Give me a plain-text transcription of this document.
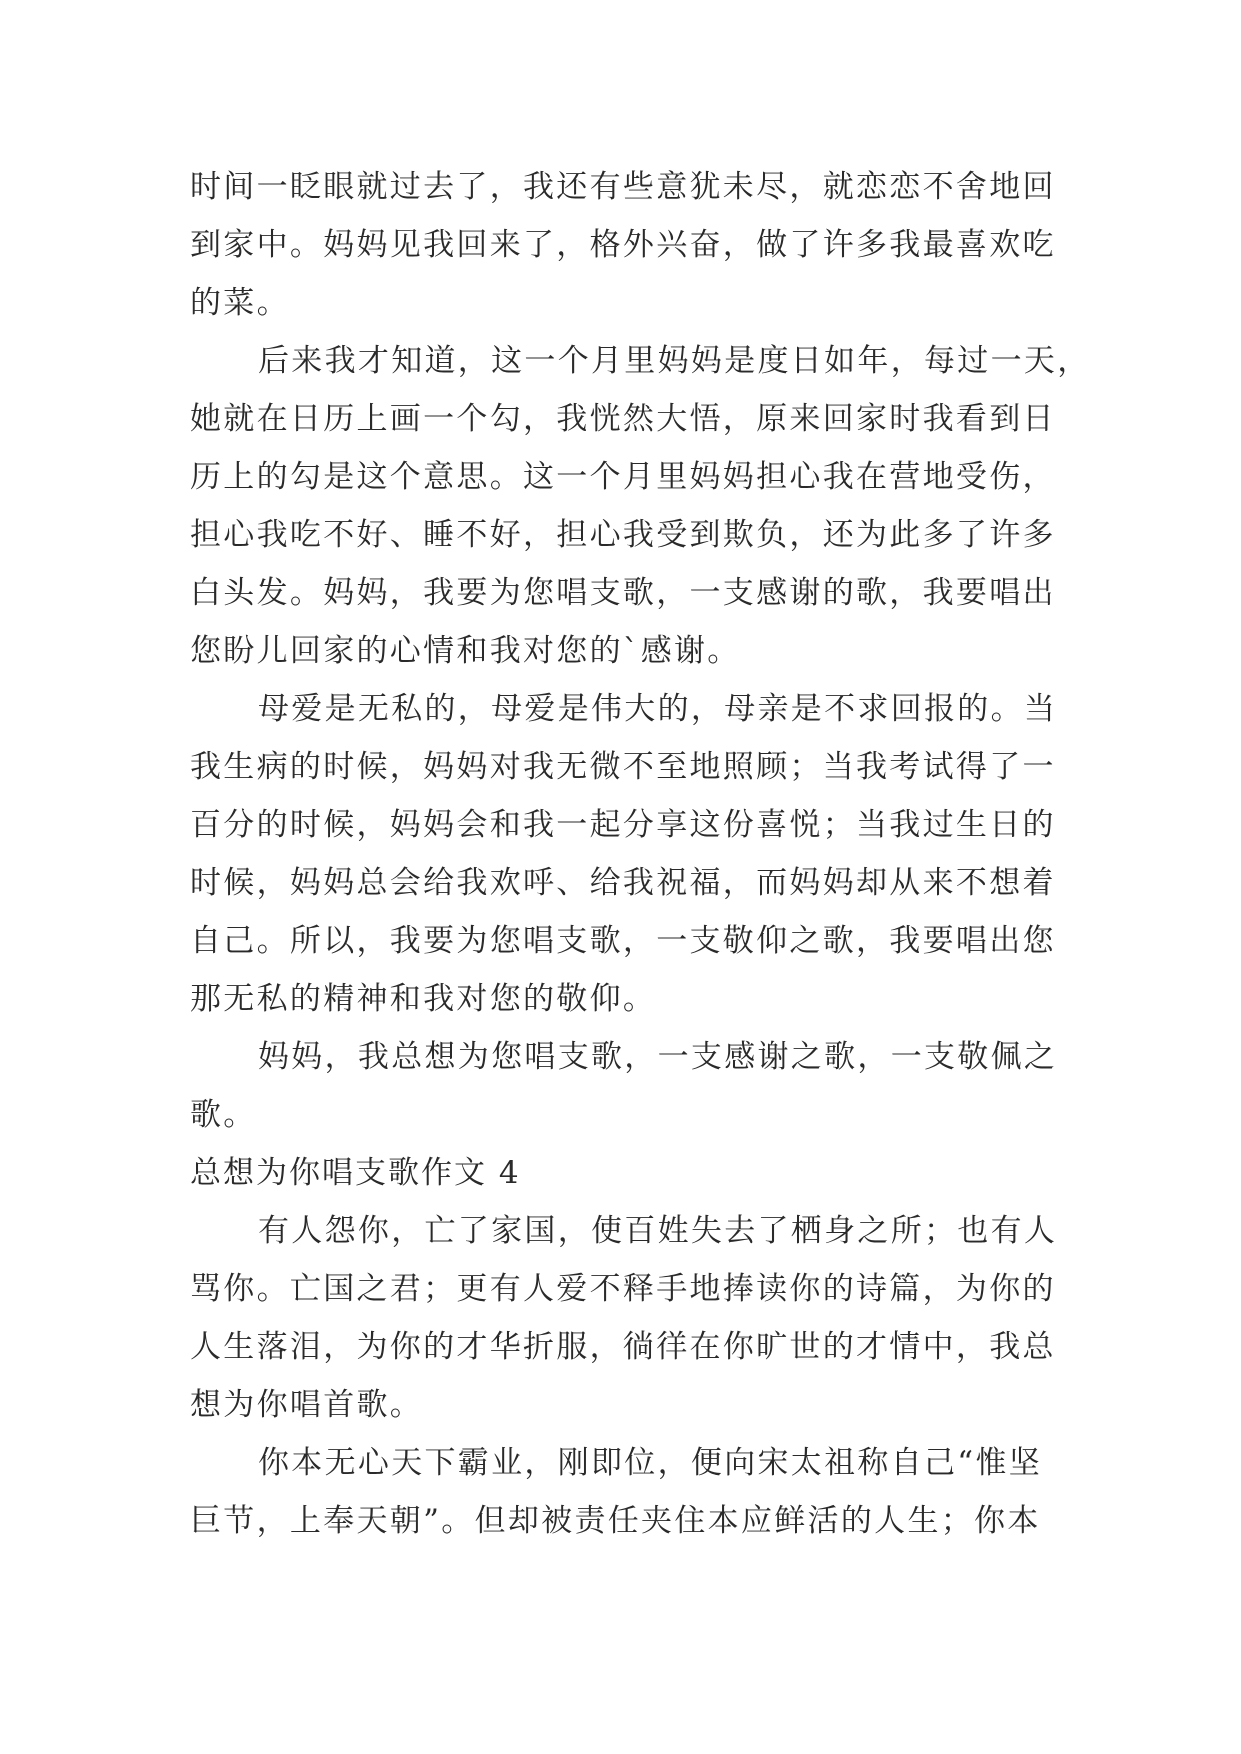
时间一眨眼就过去了，我还有些意犹未尽，就恋恋不舍地回
到家中。妈妈见我回来了，格外兴奋，做了许多我最喜欢吃
的菜。
后来我才知道，这一个月里妈妈是度日如年，每过一天，
她就在日历上画一个勾，我恍然大悟，原来回家时我看到日
历上的勾是这个意思。这一个月里妈妈担心我在营地受伤，
担心我吃不好、睡不好，担心我受到欺负，还为此多了许多
白头发。妈妈，我要为您唱支歌，一支感谢的歌，我要唱出
您盼儿回家的心情和我对您的`感谢。
母爱是无私的，母爱是伟大的，母亲是不求回报的。当
我生病的时候，妈妈对我无微不至地照顾；当我考试得了一
百分的时候，妈妈会和我一起分享这份喜悦；当我过生日的
时候，妈妈总会给我欢呼、给我祝福，而妈妈却从来不想着
自己。所以，我要为您唱支歌，一支敬仰之歌，我要唱出您
那无私的精神和我对您的敬仰。
妈妈，我总想为您唱支歌，一支感谢之歌，一支敬佩之
歌。
总想为你唱支歌作文 4
有人怨你，亡了家国，使百姓失去了栖身之所；也有人
骂你。亡国之君；更有人爱不释手地捧读你的诗篇，为你的
人生落泪，为你的才华折服，徜徉在你旷世的才情中，我总
想为你唱首歌。
你本无心天下霸业，刚即位，便向宋太祖称自己“惟坚
巨节，上奉天朝”。但却被责任夹住本应鲜活的人生；你本
